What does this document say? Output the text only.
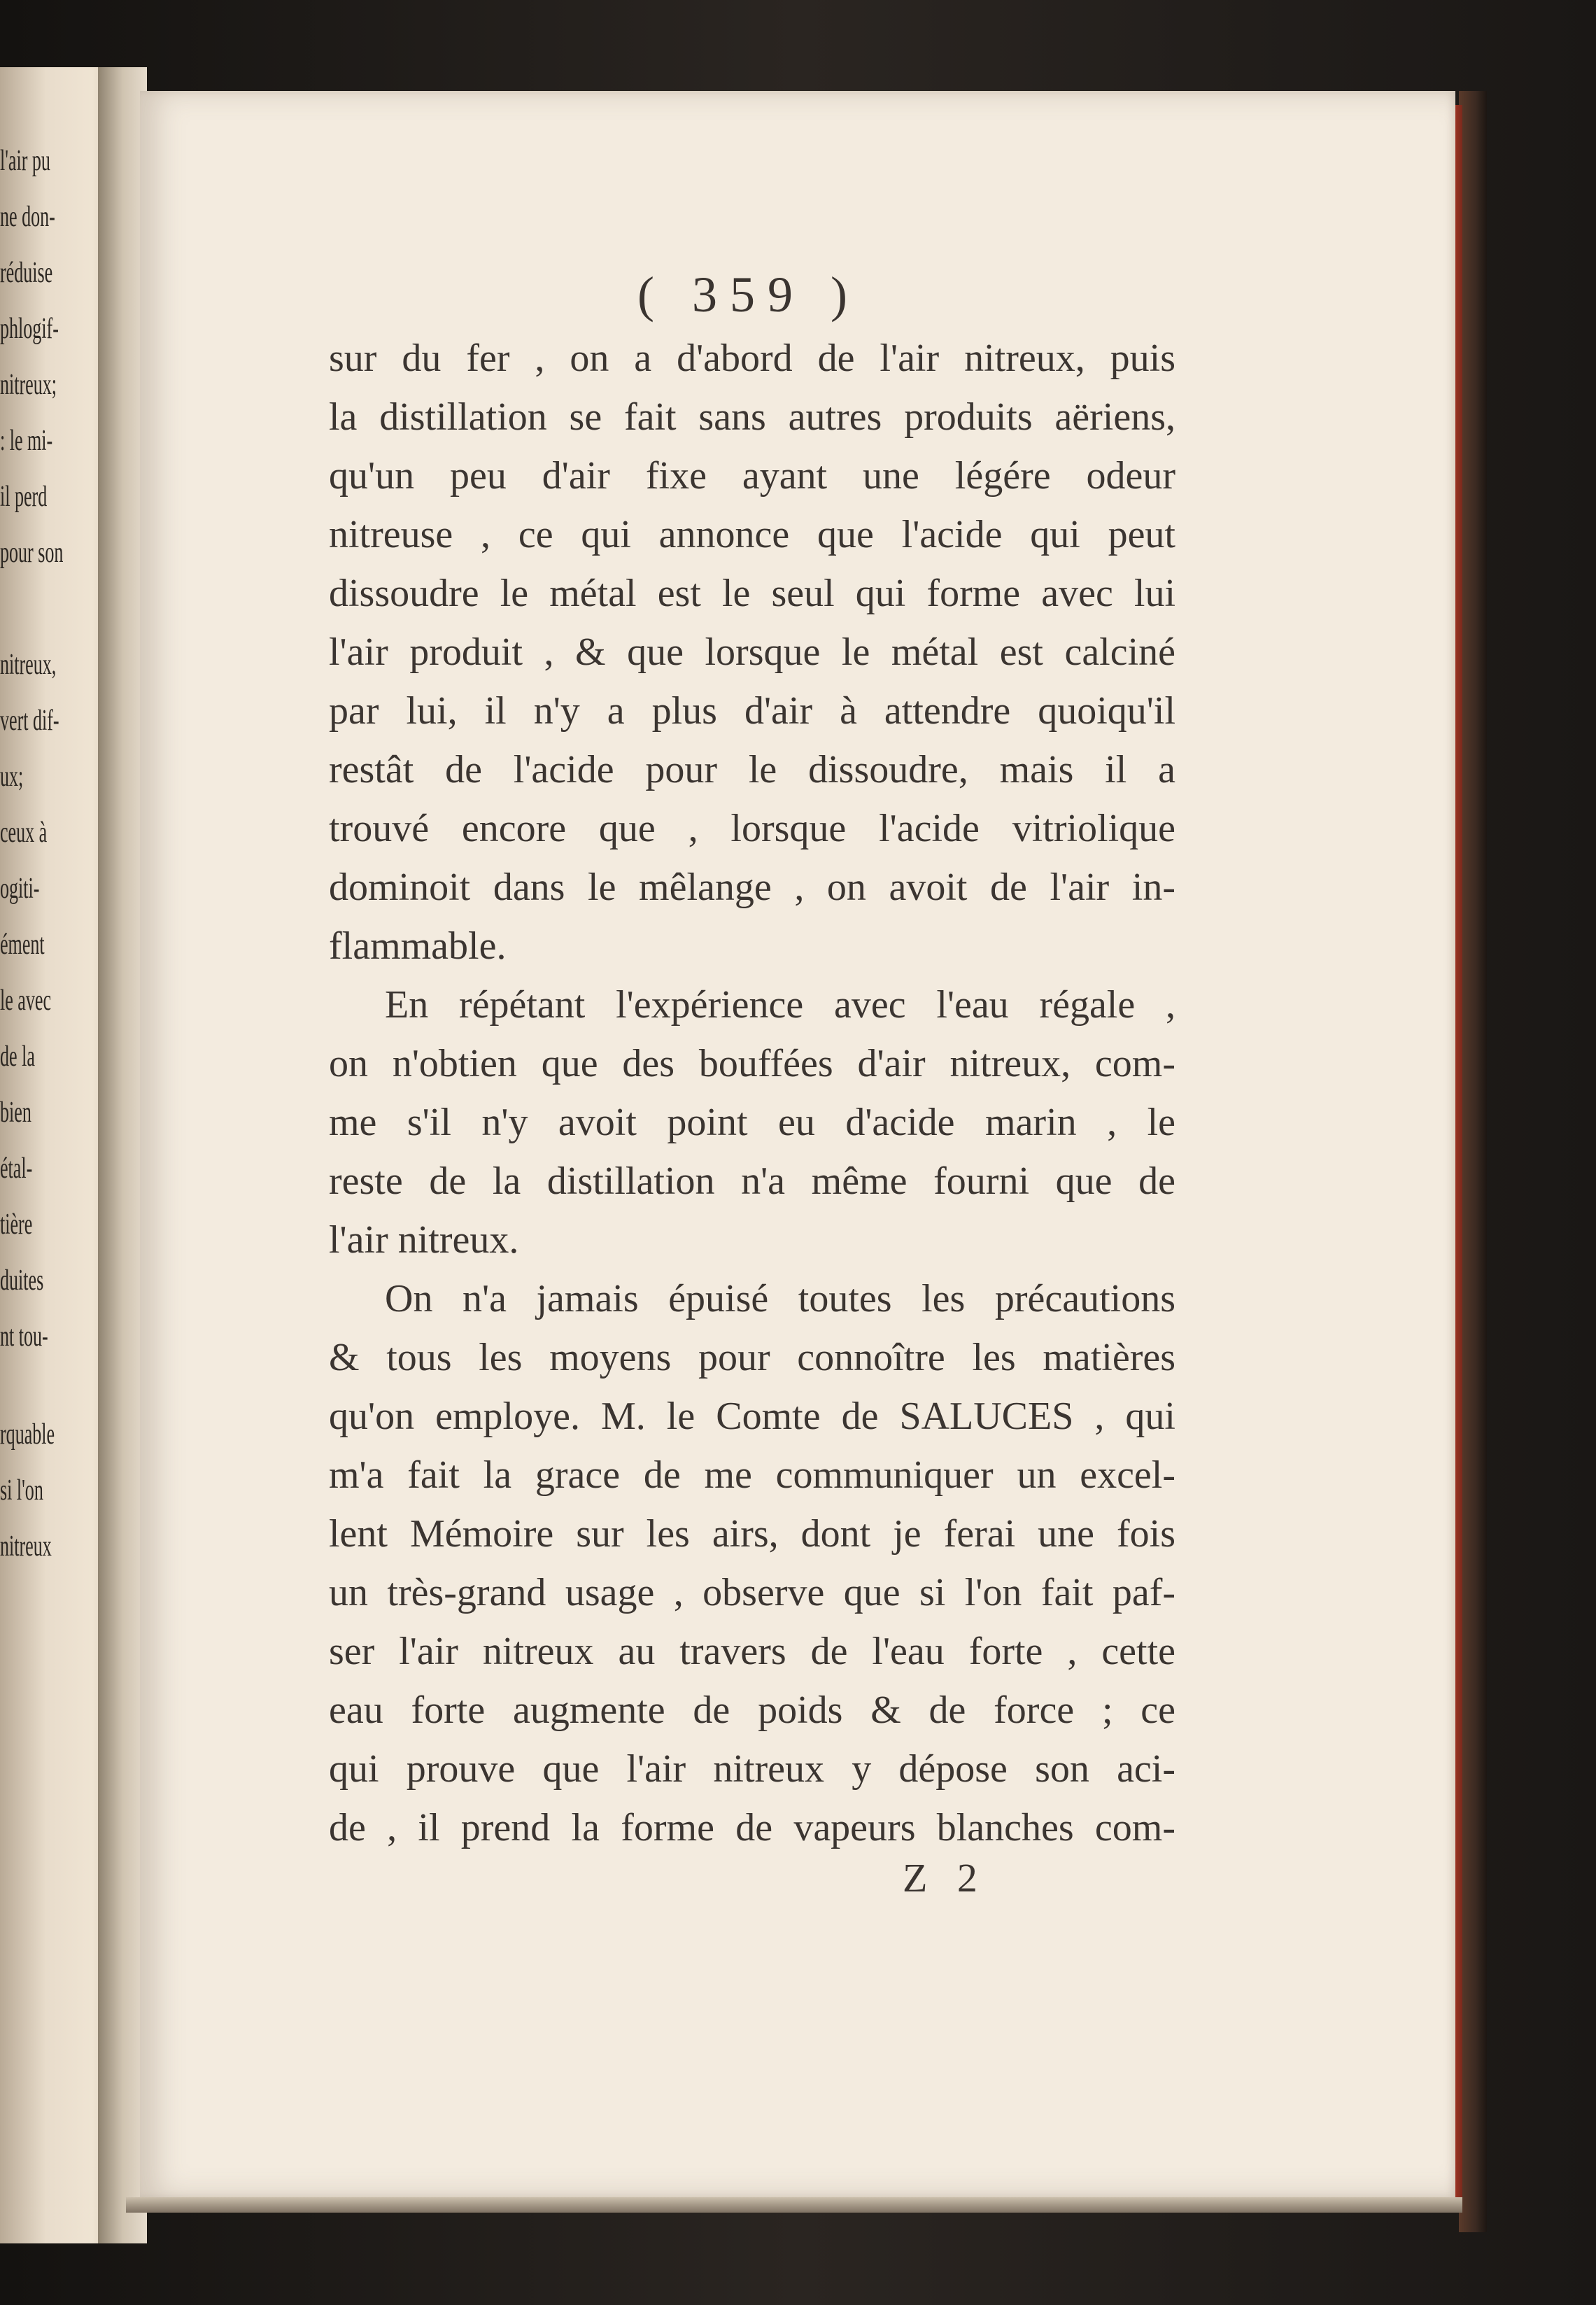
l'air pu
ne don-
réduise
phlogif-
nitreux;
: le mi-
il perd
pour son
nitreux,
vert dif-
ux;
ceux à
ogiti-
ément
le avec
de la
bien
étal-
tière
duites
nt tou-
rquable
si l'on
nitreux
( 359 )
sur du fer , on a d'abord de l'air nitreux, puis
la distillation se fait sans autres produits aëriens,
qu'un peu d'air fixe ayant une légére odeur
nitreuse , ce qui annonce que l'acide qui peut
dissoudre le métal est le seul qui forme avec lui
l'air produit , & que lorsque le métal est calciné
par lui, il n'y a plus d'air à attendre quoiqu'il
restât de l'acide pour le dissoudre, mais il a
trouvé encore que , lorsque l'acide vitriolique
dominoit dans le mêlange , on avoit de l'air in-
flammable.
En répétant l'expérience avec l'eau régale ,
on n'obtien que des bouffées d'air nitreux, com-
me s'il n'y avoit point eu d'acide marin , le
reste de la distillation n'a même fourni que de
l'air nitreux.
On n'a jamais épuisé toutes les précautions
& tous les moyens pour connoître les matières
qu'on employe. M. le Comte de SALUCES , qui
m'a fait la grace de me communiquer un excel-
lent Mémoire sur les airs, dont je ferai une fois
un très-grand usage , observe que si l'on fait paf-
ser l'air nitreux au travers de l'eau forte , cette
eau forte augmente de poids & de force ; ce
qui prouve que l'air nitreux y dépose son aci-
de , il prend la forme de vapeurs blanches com-
Z 2
